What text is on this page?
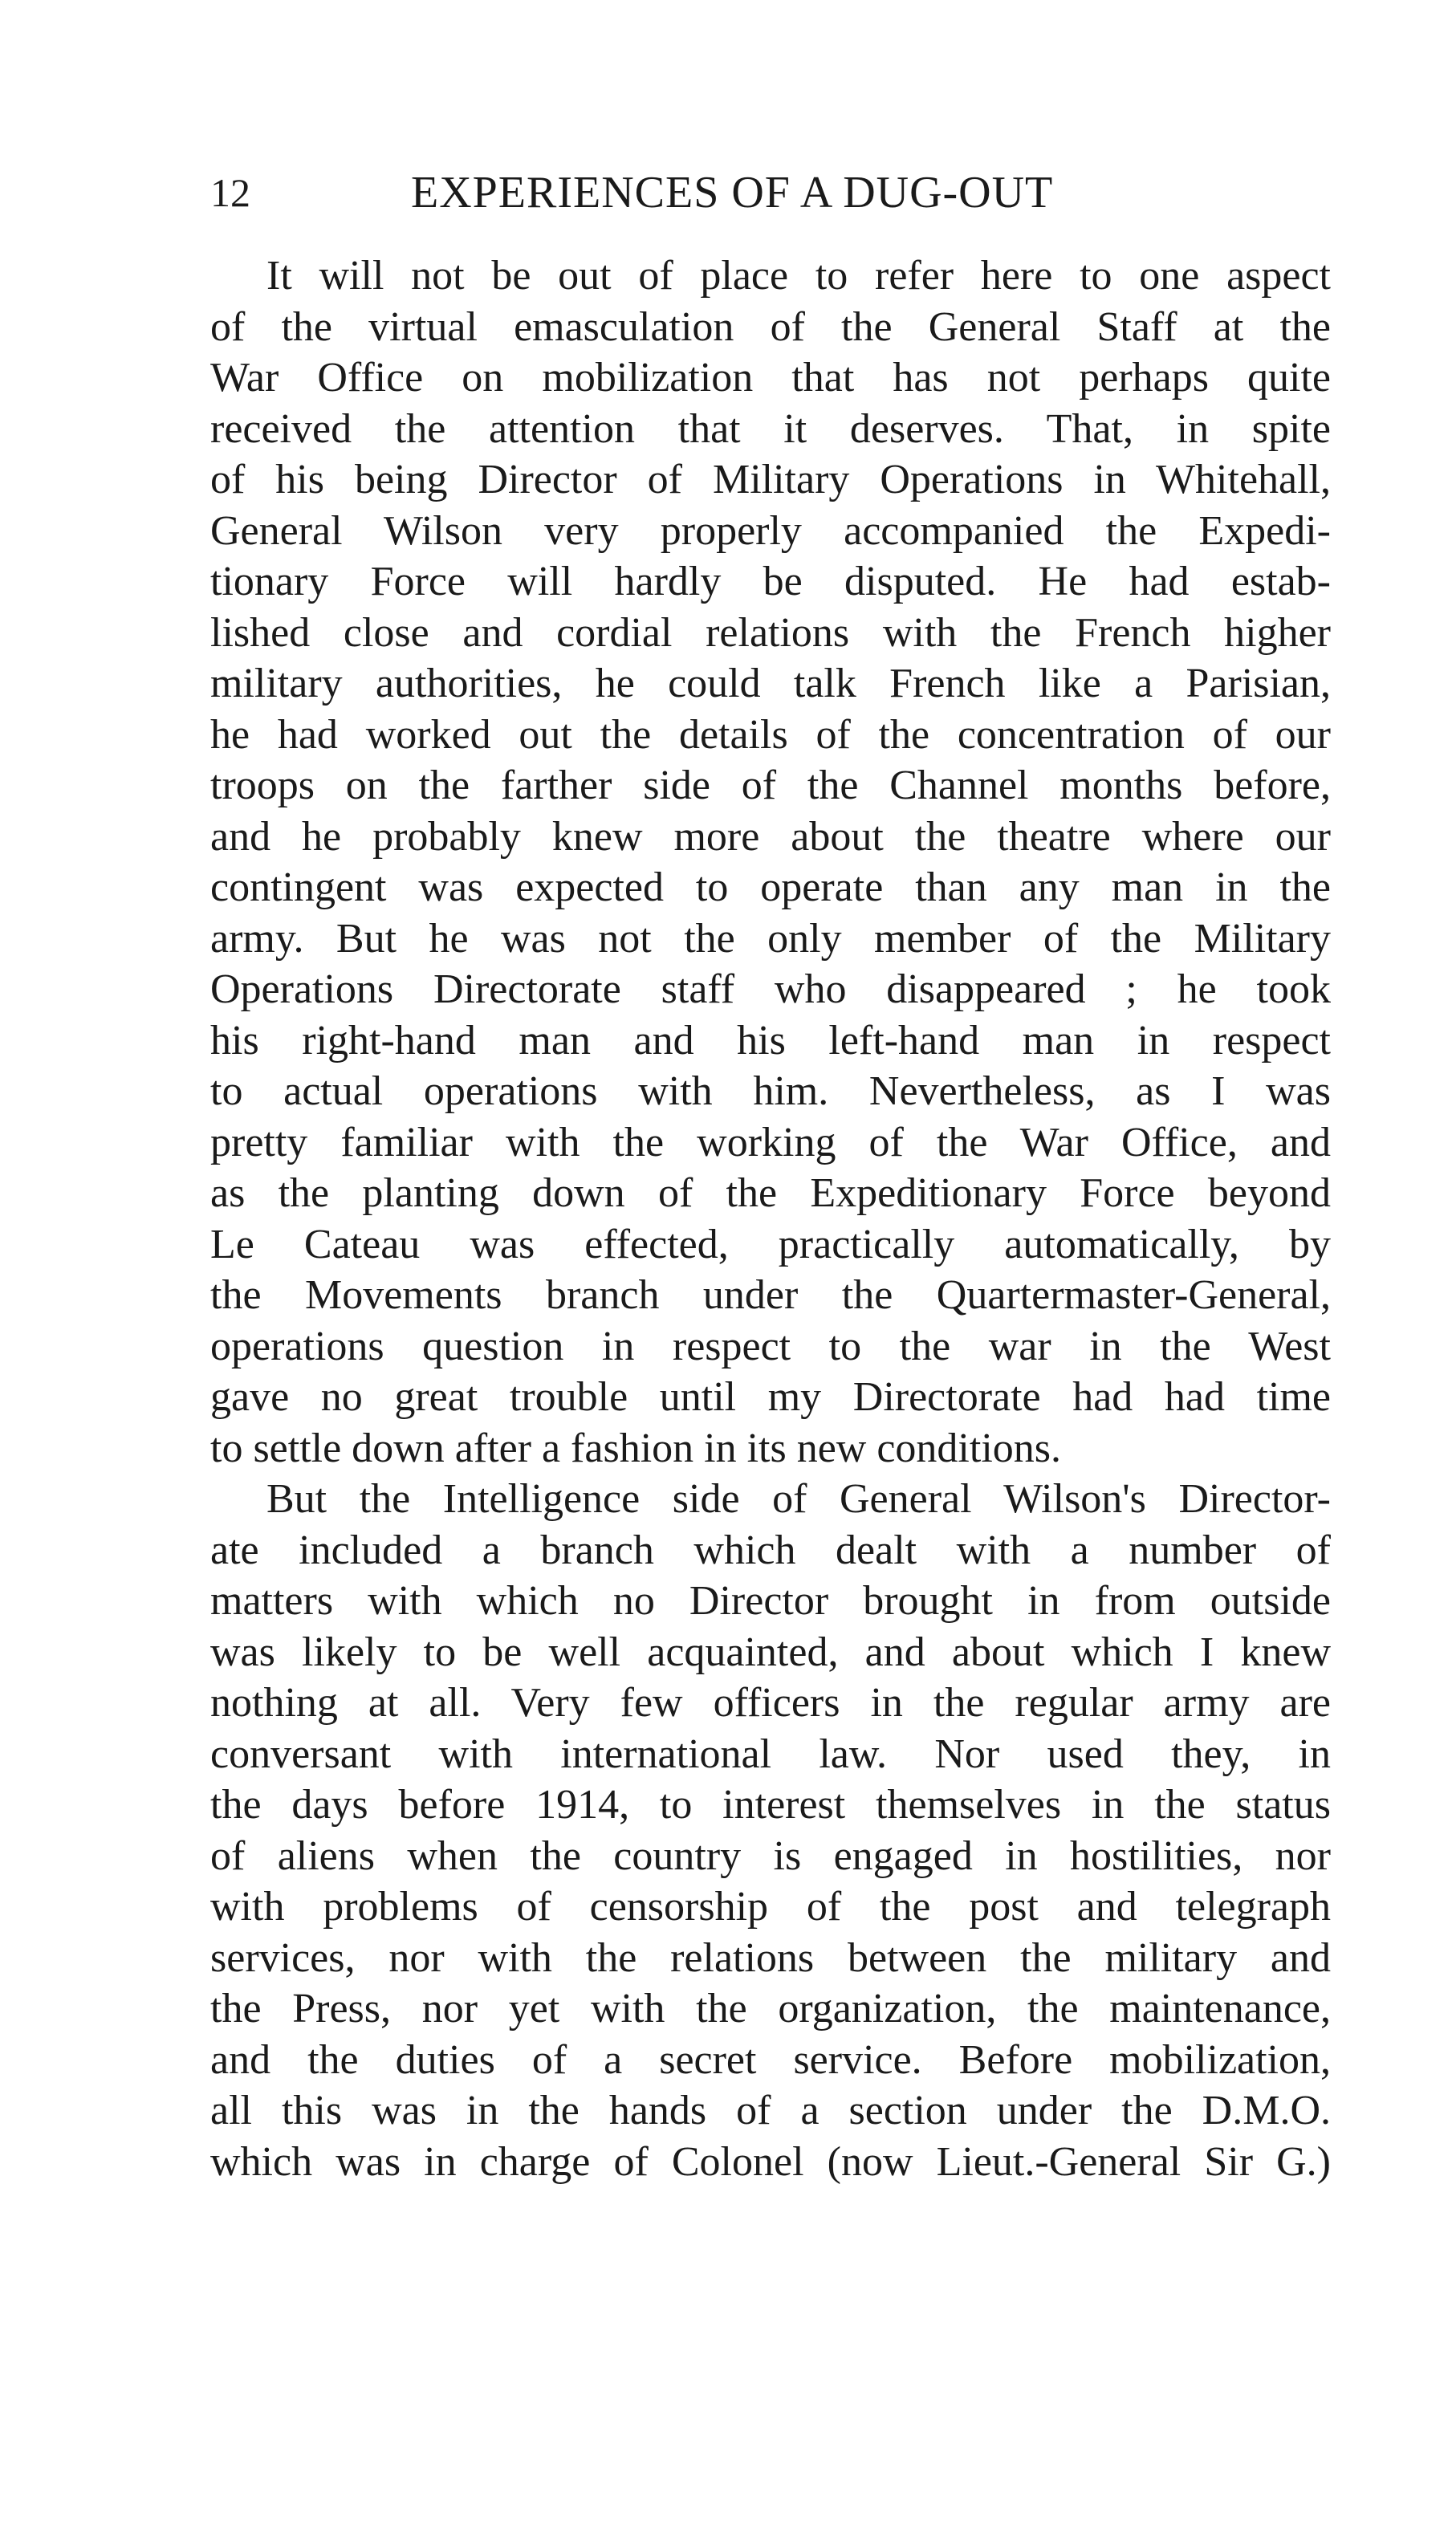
12	EXPERIENCES OF A DUG-OUT
It will not be out of place to refer here to one aspect
of the virtual emasculation of the General Staff at the
War Office on mobilization that has not perhaps quite
received the attention that it deserves. That, in spite
of his being Director of Military Operations in Whitehall,
General Wilson very properly accompanied the Expedi-
tionary Force will hardly be disputed. He had estab-
lished close and cordial relations with the French higher
military authorities, he could talk French like a Parisian,
he had worked out the details of the concentration of our
troops on the farther side of the Channel months before,
and he probably knew more about the theatre where our
contingent was expected to operate than any man in the
army. But he was not the only member of the Military
Operations Directorate staff who disappeared ; he took
his right-hand man and his left-hand man in respect
to actual operations with him. Nevertheless, as I was
pretty familiar with the working of the War Office, and
as the planting down of the Expeditionary Force beyond
Le Cateau was effected, practically automatically, by
the Movements branch under the Quartermaster-General,
operations question in respect to the war in the West
gave no great trouble until my Directorate had had time
to settle down after a fashion in its new conditions.
But the Intelligence side of General Wilson's Director-
ate included a branch which dealt with a number of
matters with which no Director brought in from outside
was likely to be well acquainted, and about which I knew
nothing at all. Very few officers in the regular army are
conversant with international law. Nor used they, in
the days before 1914, to interest themselves in the status
of aliens when the country is engaged in hostilities, nor
with problems of censorship of the post and telegraph
services, nor with the relations between the military and
the Press, nor yet with the organization, the maintenance,
and the duties of a secret service. Before mobilization,
all this was in the hands of a section under the D.M.O.
which was in charge of Colonel (now Lieut.-General Sir G.)
